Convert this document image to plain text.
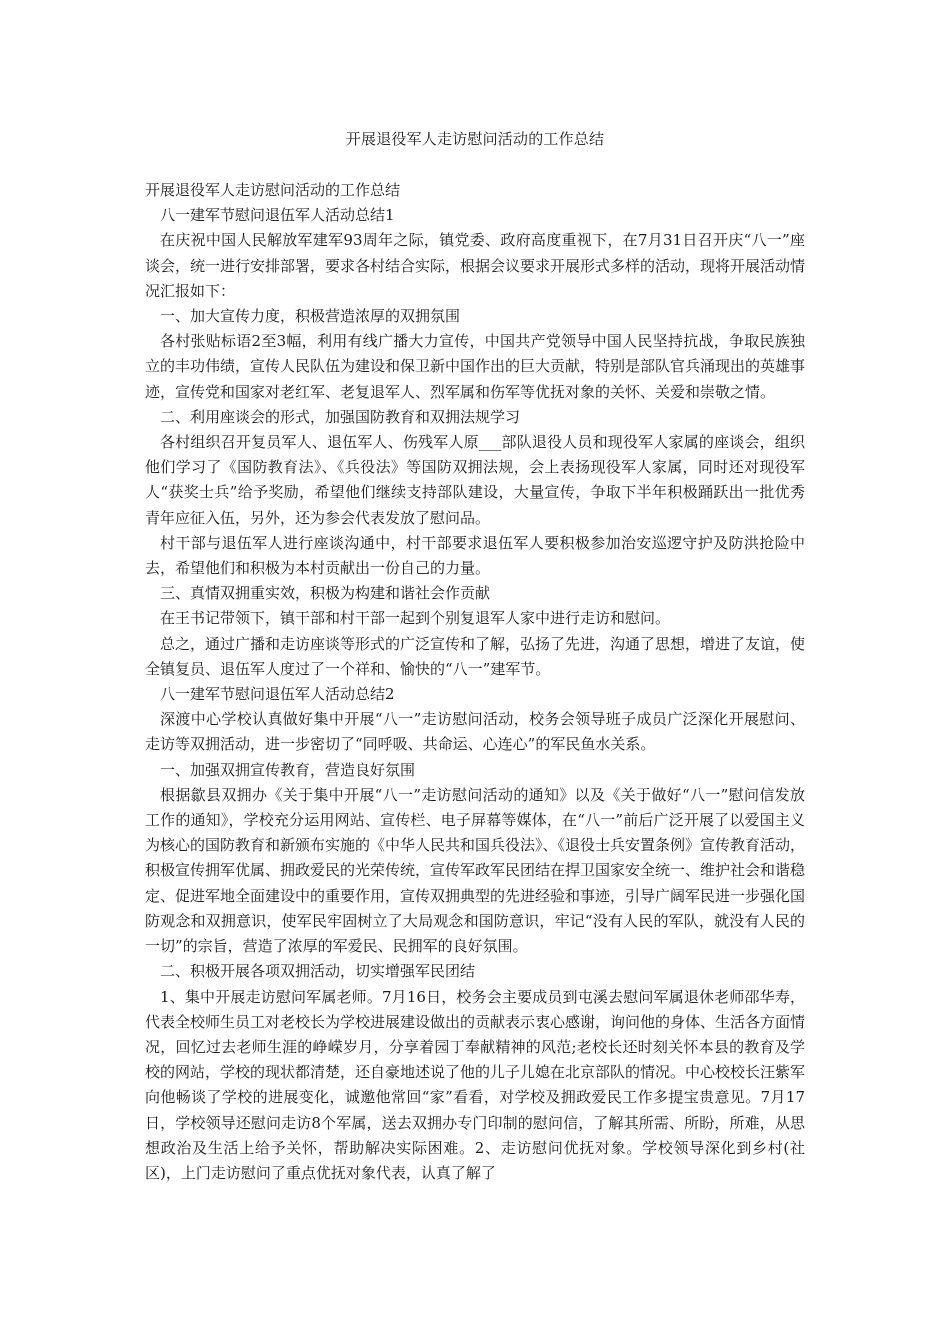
开展退役军人走访慰问活动的工作总结

开展退役军人走访慰问活动的工作总结

八一建军节慰问退伍军人活动总结1

在庆祝中国人民解放军建军93周年之际，镇党委、政府高度重视下，在7月31日召开庆“八一”座谈会，统一进行安排部署，要求各村结合实际，根据会议要求开展形式多样的活动，现将开展活动情况汇报如下：

一、加大宣传力度，积极营造浓厚的双拥氛围

各村张贴标语2至3幅，利用有线广播大力宣传，中国共产党领导中国人民坚持抗战，争取民族独立的丰功伟绩，宣传人民队伍为建设和保卫新中国作出的巨大贡献，特别是部队官兵涌现出的英雄事迹，宣传党和国家对老红军、老复退军人、烈军属和伤军等优抚对象的关怀、关爱和崇敬之情。

二、利用座谈会的形式，加强国防教育和双拥法规学习

各村组织召开复员军人、退伍军人、伤残军人原___部队退役人员和现役军人家属的座谈会，组织他们学习了《国防教育法》、《兵役法》等国防双拥法规，会上表扬现役军人家属，同时还对现役军人“获奖士兵”给予奖励，希望他们继续支持部队建设，大量宣传，争取下半年积极踊跃出一批优秀青年应征入伍，另外，还为参会代表发放了慰问品。

村干部与退伍军人进行座谈沟通中，村干部要求退伍军人要积极参加治安巡逻守护及防洪抢险中去，希望他们和积极为本村贡献出一份自己的力量。

三、真情双拥重实效，积极为构建和谐社会作贡献

在王书记带领下，镇干部和村干部一起到个别复退军人家中进行走访和慰问。

总之，通过广播和走访座谈等形式的广泛宣传和了解，弘扬了先进，沟通了思想，增进了友谊，使全镇复员、退伍军人度过了一个祥和、愉快的“八一”建军节。

八一建军节慰问退伍军人活动总结2

深渡中心学校认真做好集中开展“八一”走访慰问活动，校务会领导班子成员广泛深化开展慰问、走访等双拥活动，进一步密切了“同呼吸、共命运、心连心”的军民鱼水关系。

一、加强双拥宣传教育，营造良好氛围

根据歙县双拥办《关于集中开展“八一”走访慰问活动的通知》以及《关于做好“八一”慰问信发放工作的通知》，学校充分运用网站、宣传栏、电子屏幕等媒体，在“八一”前后广泛开展了以爱国主义为核心的国防教育和新颁布实施的《中华人民共和国兵役法》、《退役士兵安置条例》宣传教育活动，积极宣传拥军优属、拥政爱民的光荣传统，宣传军政军民团结在捍卫国家安全统一、维护社会和谐稳定、促进军地全面建设中的重要作用，宣传双拥典型的先进经验和事迹，引导广阔军民进一步强化国防观念和双拥意识，使军民牢固树立了大局观念和国防意识，牢记“没有人民的军队，就没有人民的一切”的宗旨，营造了浓厚的军爱民、民拥军的良好氛围。

二、积极开展各项双拥活动，切实增强军民团结

1、集中开展走访慰问军属老师。7月16日，校务会主要成员到屯溪去慰问军属退休老师邵华寿，代表全校师生员工对老校长为学校进展建设做出的贡献表示衷心感谢，询问他的身体、生活各方面情况，回忆过去老师生涯的峥嵘岁月，分享着园丁奉献精神的风范;老校长还时刻关怀本县的教育及学校的网站，学校的现状都清楚，还自豪地述说了他的儿子儿媳在北京部队的情况。中心校校长汪紫军向他畅谈了学校的进展变化，诚邀他常回“家”看看，对学校及拥政爱民工作多提宝贵意见。7月17日，学校领导还慰问走访8个军属，送去双拥办专门印制的慰问信，了解其所需、所盼，所难，从思想政治及生活上给予关怀，帮助解决实际困难。2、走访慰问优抚对象。学校领导深化到乡村(社区)，上门走访慰问了重点优抚对象代表，认真了解了
